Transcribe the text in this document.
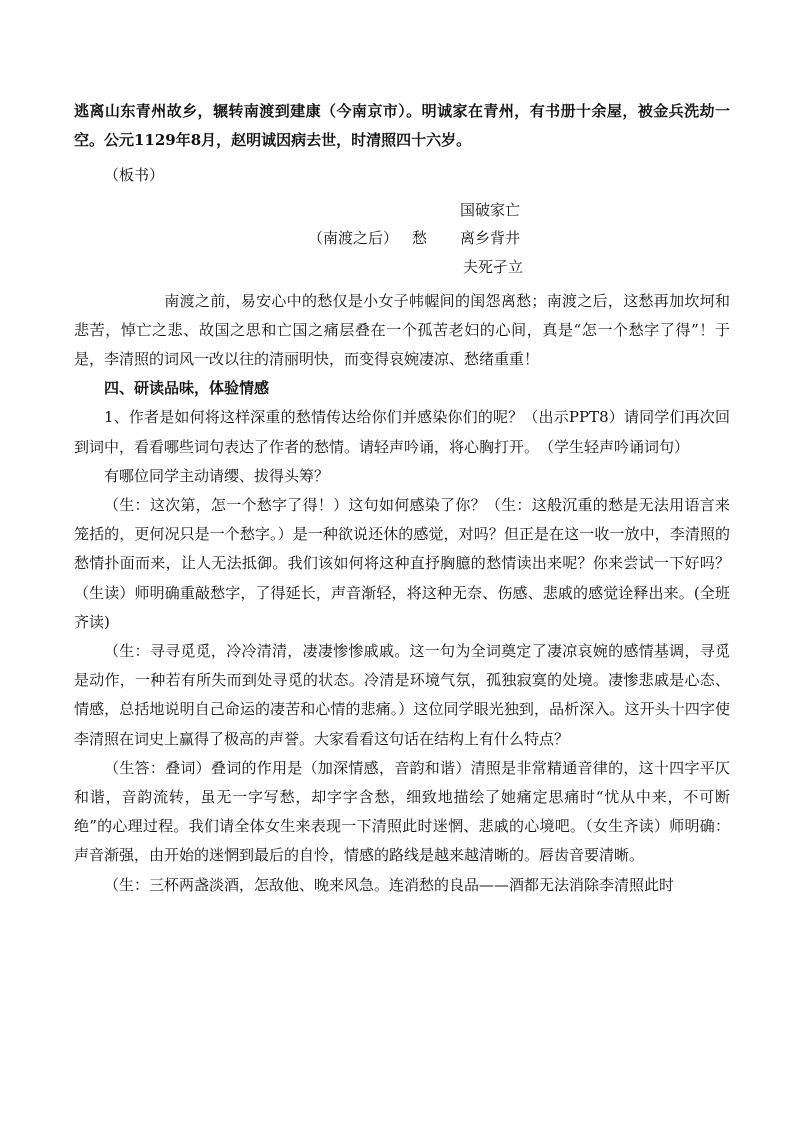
逃离山东青州故乡，辗转南渡到建康（今南京市）。明诚家在青州，有书册十余屋，被金兵洗劫一空。公元1129年8月，赵明诚因病去世，时清照四十六岁。

（板书）

国破家亡
（南渡之后） 愁 离乡背井
夫死孑立

南渡之前，易安心中的愁仅是小女子帏幄间的闺怨离愁；南渡之后，这愁再加坎坷和悲苦，悼亡之悲、故国之思和亡国之痛层叠在一个孤苦老妇的心间，真是“怎一个愁字了得”！于是，李清照的词风一改以往的清丽明快，而变得哀婉凄凉、愁绪重重！

四、研读品味，体验情感

1、作者是如何将这样深重的愁情传达给你们并感染你们的呢？（出示PPT8）请同学们再次回到词中，看看哪些词句表达了作者的愁情。请轻声吟诵，将心胸打开。　（学生轻声吟诵词句）

有哪位同学主动请缨、拔得头筹？

（生：这次第，怎一个愁字了得！）这句如何感染了你？（生：这般沉重的愁是无法用语言来笼括的，更何况只是一个愁字。）是一种欲说还休的感觉，对吗？但正是在这一收一放中，李清照的愁情扑面而来，让人无法抵御。我们该如何将这种直抒胸臆的愁情读出来呢？你来尝试一下好吗？（生读）师明确重敲愁字，了得延长，声音渐轻，将这种无奈、伤感、悲戚的感觉诠释出来。(全班齐读)

（生：寻寻觅觅，冷冷清清，凄凄惨惨戚戚。这一句为全词奠定了凄凉哀婉的感情基调，寻觅是动作，一种若有所失而到处寻觅的状态。冷清是环境气氛，孤独寂寞的处境。凄惨悲戚是心态、情感，总括地说明自己命运的凄苦和心情的悲痛。）这位同学眼光独到，品析深入。这开头十四字使李清照在词史上赢得了极高的声誉。大家看看这句话在结构上有什么特点？

（生答：叠词）叠词的作用是（加深情感，音韵和谐）清照是非常精通音律的，这十四字平仄和谐，音韵流转，虽无一字写愁，却字字含愁，细致地描绘了她痛定思痛时“忧从中来，不可断绝”的心理过程。我们请全体女生来表现一下清照此时迷惘、悲戚的心境吧。（女生齐读）师明确：声音渐强，由开始的迷惘到最后的自怜，情感的路线是越来越清晰的。唇齿音要清晰。

（生：三杯两盏淡酒，怎敌他、晚来风急。连消愁的良品——酒都无法消除李清照此时
